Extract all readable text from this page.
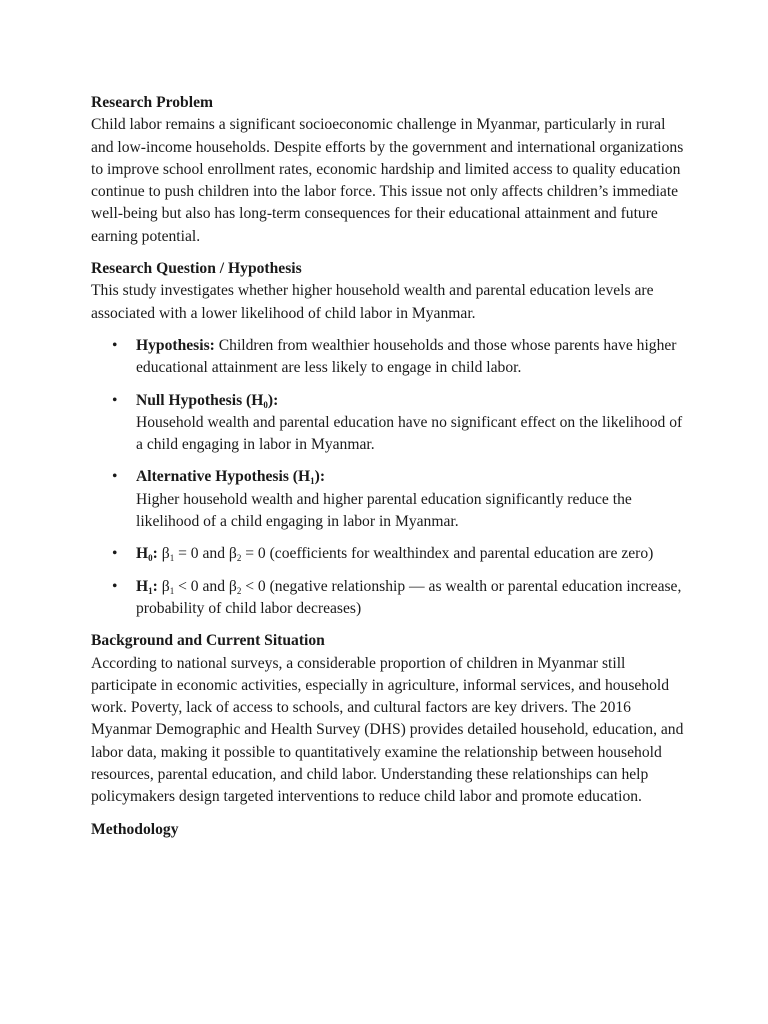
Research Problem

Child labor remains a significant socioeconomic challenge in Myanmar, particularly in rural and low-income households. Despite efforts by the government and international organizations to improve school enrollment rates, economic hardship and limited access to quality education continue to push children into the labor force. This issue not only affects children’s immediate well-being but also has long-term consequences for their educational attainment and future earning potential.

Research Question / Hypothesis

This study investigates whether higher household wealth and parental education levels are associated with a lower likelihood of child labor in Myanmar.

• Hypothesis: Children from wealthier households and those whose parents have higher educational attainment are less likely to engage in child labor.
• Null Hypothesis $(H_0)$:
Household wealth and parental education have no significant effect on the likelihood of a child engaging in labor in Myanmar.
• Alternative Hypothesis $(H_1)$:
Higher household wealth and higher parental education significantly reduce the likelihood of a child engaging in labor in Myanmar.
• $H_0$: $\beta_1 = 0$ and $\beta_2 = 0$ (coefficients for wealthindex and parental education are zero)
• $H_1$: $\beta_1 < 0$ and $\beta_2 < 0$ (negative relationship — as wealth or parental education increase, probability of child labor decreases)

Background and Current Situation

According to national surveys, a considerable proportion of children in Myanmar still participate in economic activities, especially in agriculture, informal services, and household work. Poverty, lack of access to schools, and cultural factors are key drivers. The 2016 Myanmar Demographic and Health Survey (DHS) provides detailed household, education, and labor data, making it possible to quantitatively examine the relationship between household resources, parental education, and child labor. Understanding these relationships can help policymakers design targeted interventions to reduce child labor and promote education.

Methodology
